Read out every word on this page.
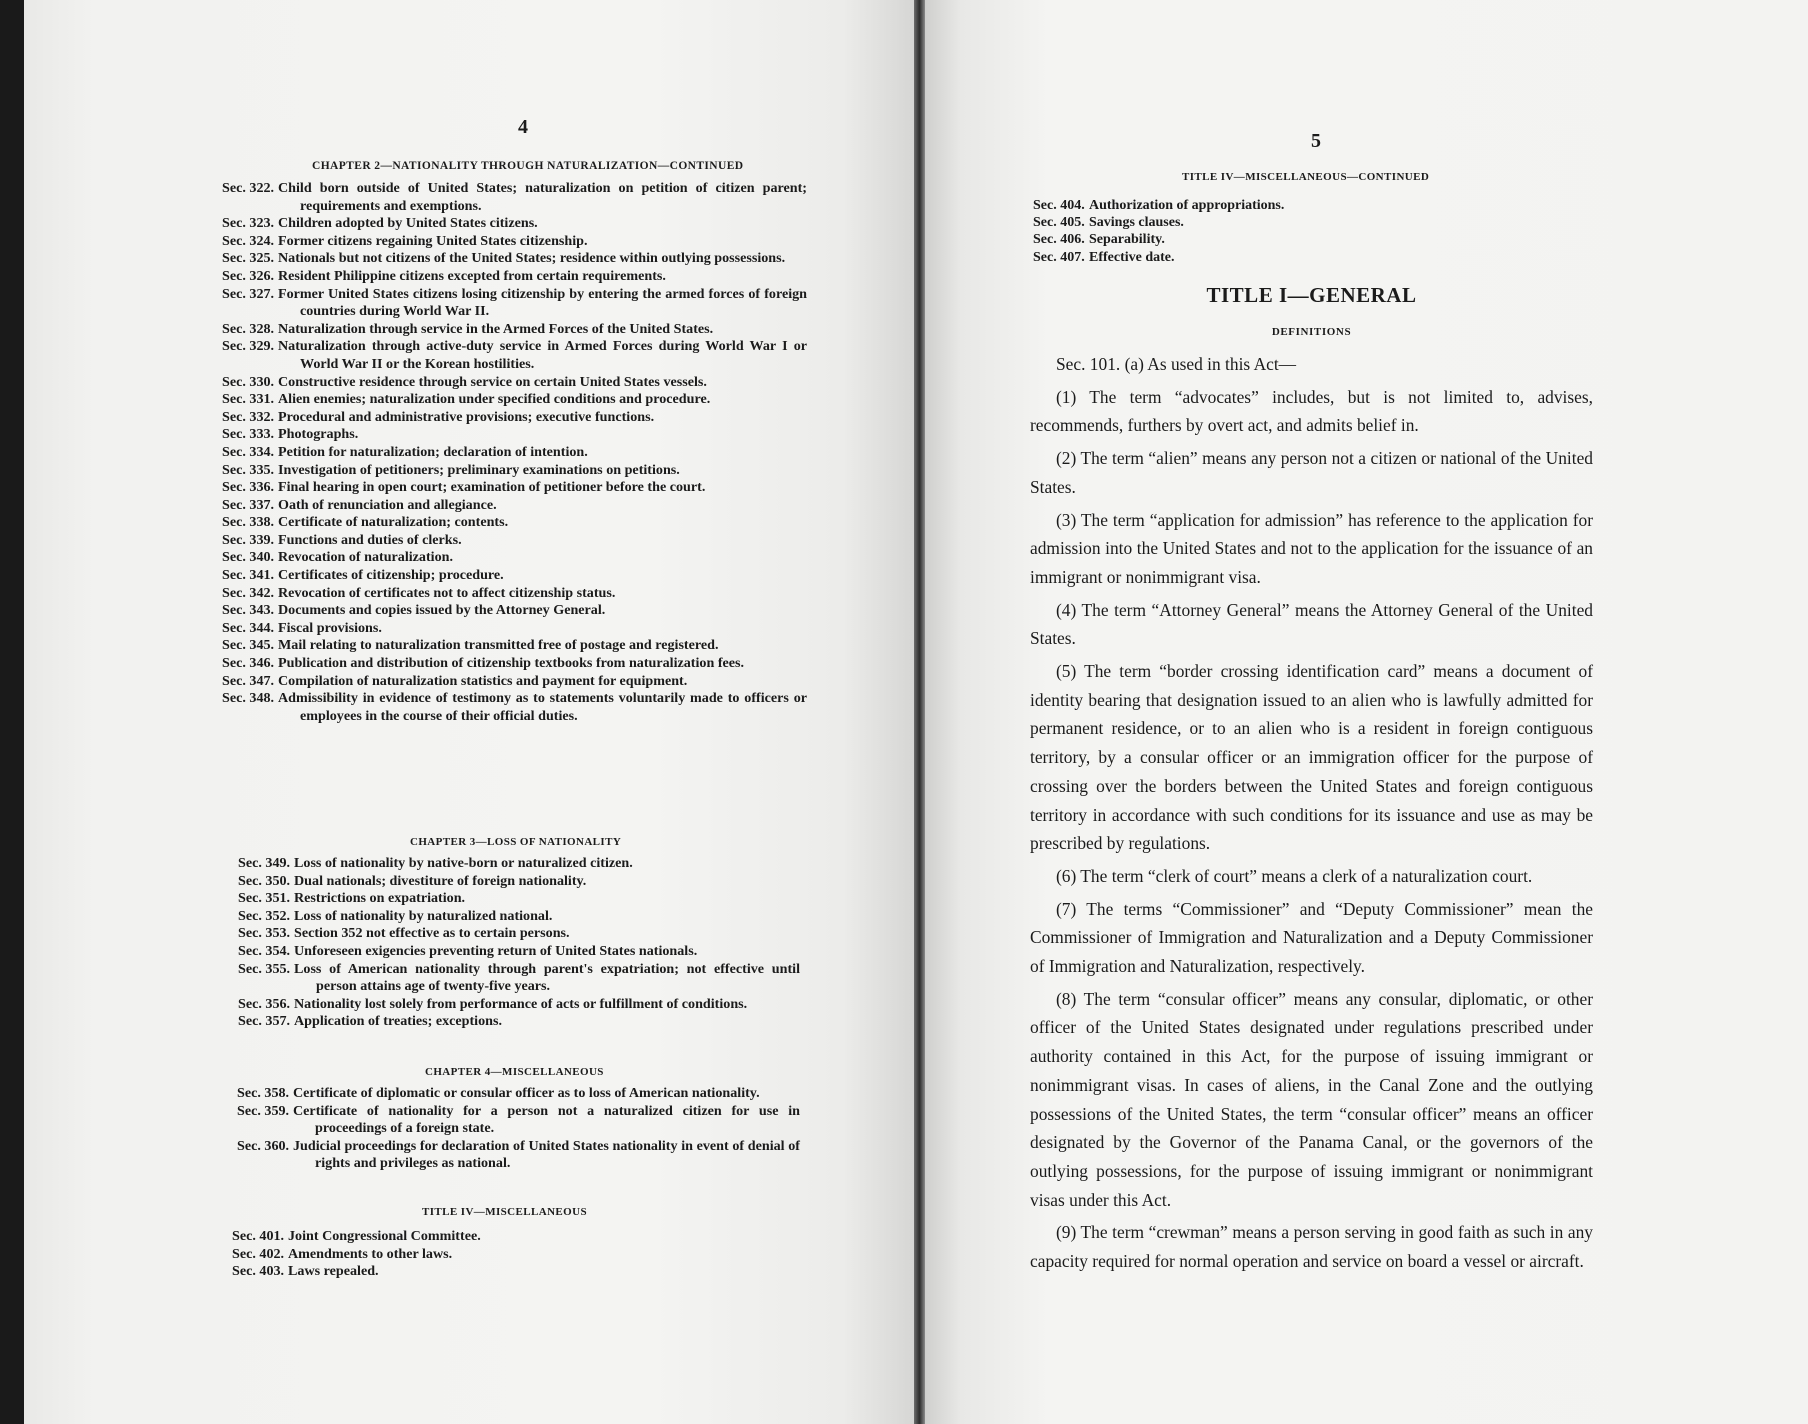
4
CHAPTER 2—NATIONALITY THROUGH NATURALIZATION—CONTINUED
Sec. 322. Child born outside of United States; naturalization on petition of citizen parent; requirements and exemptions.
Sec. 323. Children adopted by United States citizens.
Sec. 324. Former citizens regaining United States citizenship.
Sec. 325. Nationals but not citizens of the United States; residence within outlying possessions.
Sec. 326. Resident Philippine citizens excepted from certain requirements.
Sec. 327. Former United States citizens losing citizenship by entering the armed forces of foreign countries during World War II.
Sec. 328. Naturalization through service in the Armed Forces of the United States.
Sec. 329. Naturalization through active-duty service in Armed Forces during World War I or World War II or the Korean hostilities.
Sec. 330. Constructive residence through service on certain United States vessels.
Sec. 331. Alien enemies; naturalization under specified conditions and procedure.
Sec. 332. Procedural and administrative provisions; executive functions.
Sec. 333. Photographs.
Sec. 334. Petition for naturalization; declaration of intention.
Sec. 335. Investigation of petitioners; preliminary examinations on petitions.
Sec. 336. Final hearing in open court; examination of petitioner before the court.
Sec. 337. Oath of renunciation and allegiance.
Sec. 338. Certificate of naturalization; contents.
Sec. 339. Functions and duties of clerks.
Sec. 340. Revocation of naturalization.
Sec. 341. Certificates of citizenship; procedure.
Sec. 342. Revocation of certificates not to affect citizenship status.
Sec. 343. Documents and copies issued by the Attorney General.
Sec. 344. Fiscal provisions.
Sec. 345. Mail relating to naturalization transmitted free of postage and registered.
Sec. 346. Publication and distribution of citizenship textbooks from naturalization fees.
Sec. 347. Compilation of naturalization statistics and payment for equipment.
Sec. 348. Admissibility in evidence of testimony as to statements voluntarily made to officers or employees in the course of their official duties.
CHAPTER 3—LOSS OF NATIONALITY
Sec. 349. Loss of nationality by native-born or naturalized citizen.
Sec. 350. Dual nationals; divestiture of foreign nationality.
Sec. 351. Restrictions on expatriation.
Sec. 352. Loss of nationality by naturalized national.
Sec. 353. Section 352 not effective as to certain persons.
Sec. 354. Unforeseen exigencies preventing return of United States nationals.
Sec. 355. Loss of American nationality through parent's expatriation; not effective until person attains age of twenty-five years.
Sec. 356. Nationality lost solely from performance of acts or fulfillment of conditions.
Sec. 357. Application of treaties; exceptions.
CHAPTER 4—MISCELLANEOUS
Sec. 358. Certificate of diplomatic or consular officer as to loss of American nationality.
Sec. 359. Certificate of nationality for a person not a naturalized citizen for use in proceedings of a foreign state.
Sec. 360. Judicial proceedings for declaration of United States nationality in event of denial of rights and privileges as national.
TITLE IV—MISCELLANEOUS
Sec. 401. Joint Congressional Committee.
Sec. 402. Amendments to other laws.
Sec. 403. Laws repealed.
5
TITLE IV—MISCELLANEOUS—CONTINUED
Sec. 404. Authorization of appropriations.
Sec. 405. Savings clauses.
Sec. 406. Separability.
Sec. 407. Effective date.
TITLE I—GENERAL
DEFINITIONS

Sec. 101. (a) As used in this Act—

(1) The term “advocates” includes, but is not limited to, advises, recommends, furthers by overt act, and admits belief in.

(2) The term “alien” means any person not a citizen or national of the United States.

(3) The term “application for admission” has reference to the application for admission into the United States and not to the application for the issuance of an immigrant or nonimmigrant visa.

(4) The term “Attorney General” means the Attorney General of the United States.

(5) The term “border crossing identification card” means a document of identity bearing that designation issued to an alien who is lawfully admitted for permanent residence, or to an alien who is a resident in foreign contiguous territory, by a consular officer or an immigration officer for the purpose of crossing over the borders between the United States and foreign contiguous territory in accordance with such conditions for its issuance and use as may be prescribed by regulations.

(6) The term “clerk of court” means a clerk of a naturalization court.

(7) The terms “Commissioner” and “Deputy Commissioner” mean the Commissioner of Immigration and Naturalization and a Deputy Commissioner of Immigration and Naturalization, respectively.

(8) The term “consular officer” means any consular, diplomatic, or other officer of the United States designated under regulations prescribed under authority contained in this Act, for the purpose of issuing immigrant or nonimmigrant visas. In cases of aliens, in the Canal Zone and the outlying possessions of the United States, the term “consular officer” means an officer designated by the Governor of the Panama Canal, or the governors of the outlying possessions, for the purpose of issuing immigrant or nonimmigrant visas under this Act.

(9) The term “crewman” means a person serving in good faith as such in any capacity required for normal operation and service on board a vessel or aircraft.
